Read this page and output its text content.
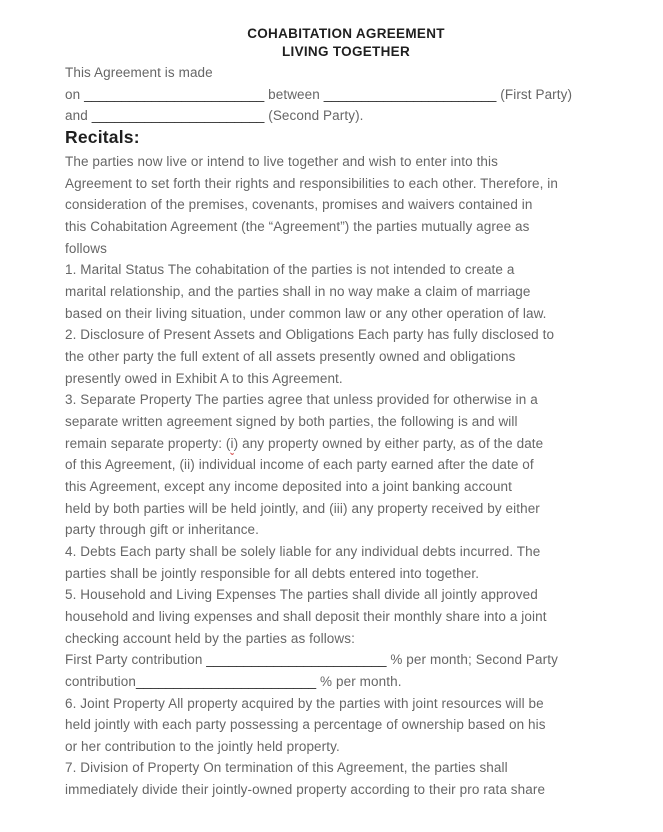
COHABITATION AGREEMENT
LIVING TOGETHER
This Agreement is made
on ________________________ between _______________________ (First Party)
and _______________________ (Second Party).
Recitals:
The parties now live or intend to live together and wish to enter into this
Agreement to set forth their rights and responsibilities to each other. Therefore, in
consideration of the premises, covenants, promises and waivers contained in
this Cohabitation Agreement (the “Agreement”) the parties mutually agree as
follows
1. Marital Status The cohabitation of the parties is not intended to create a
marital relationship, and the parties shall in no way make a claim of marriage
based on their living situation, under common law or any other operation of law.
2. Disclosure of Present Assets and Obligations Each party has fully disclosed to
the other party the full extent of all assets presently owned and obligations
presently owed in Exhibit A to this Agreement.
3. Separate Property The parties agree that unless provided for otherwise in a
separate written agreement signed by both parties, the following is and will
remain separate property: (i) any property owned by either party, as of the date
of this Agreement, (ii) individual income of each party earned after the date of
this Agreement, except any income deposited into a joint banking account
held by both parties will be held jointly, and (iii) any property received by either
party through gift or inheritance.
4. Debts Each party shall be solely liable for any individual debts incurred. The
parties shall be jointly responsible for all debts entered into together.
5. Household and Living Expenses The parties shall divide all jointly approved
household and living expenses and shall deposit their monthly share into a joint
checking account held by the parties as follows:
First Party contribution ________________________ % per month; Second Party
contribution________________________ % per month.
6. Joint Property All property acquired by the parties with joint resources will be
held jointly with each party possessing a percentage of ownership based on his
or her contribution to the jointly held property.
7. Division of Property On termination of this Agreement, the parties shall
immediately divide their jointly-owned property according to their pro rata share
